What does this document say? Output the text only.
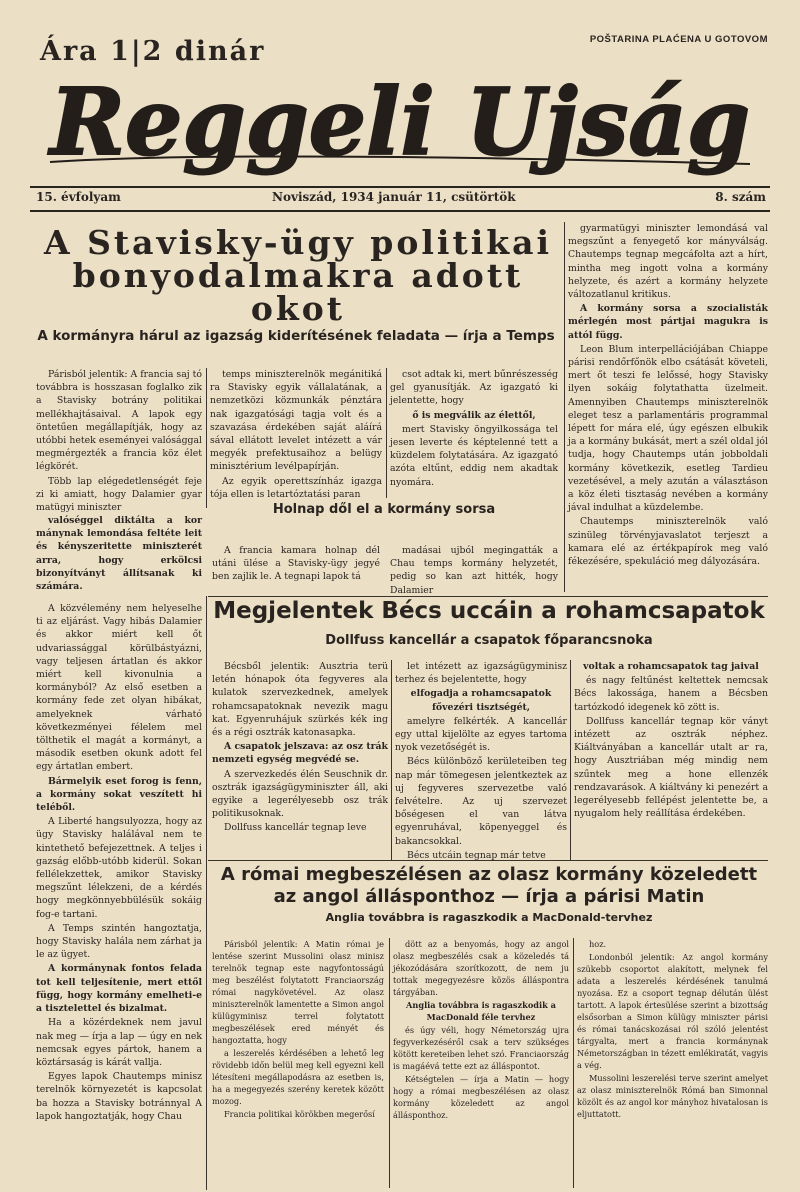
Ára 1|2 dinár	POŠTARINA PLAĆENA U GOTOVOM
Reggeli Ujság
15. évfolyam	Noviszád, 1934 január 11, csütörtök	8. szám
A Stavisky-ügy politikai bonyodalmakra adott okot
A kormányra hárul az igazság kiderítésének feladata — írja a Temps

Párisból jelentik: A francia saj tó továbbra is hosszasan foglalko zik a Stavisky botrány politikai mellékhajtásaival. A lapok egy öntetűen megállapítják, hogy az utóbbi hetek eseményei valósággal megmérgezték a francia köz élet légkörét.

Több lap elégedetlenségét feje zi ki amiatt, hogy Dalamier gyar matügyi miniszter

temps miniszterelnök megánitiká ra Stavisky egyik vállalatának, a nemzetközi közmunkák pénztára nak igazgatósági tagja volt és a szavazása érdekében saját aláírá sával ellátott levelet intézett a vár megyék prefektusaihoz a belügy minisztérium levélpapírján.

Az egyik operettszínház igazga tója ellen is letartóztatási paran

csot adtak ki, mert bűnrészesség gel gyanusítják. Az igazgató ki jelentette, hogy

ő is megválik az élettől,

mert Stavisky öngyilkossága tel jesen leverte és képtelenné tett a küzdelem folytatására. Az igazgató azóta eltűnt, eddig nem akadtak nyomára.

Holnap dől el a kormány sorsa

A francia kamara holnap dél utáni ülése a Stavisky-ügy jegyé ben zajlik le. A tegnapi lapok tá

madásai ujból megingatták a Chau temps kormány helyzetét, pedig so kan azt hitték, hogy Dalamier

valóséggel diktálta a kor mánynak lemondása feltéte leit és kényszeritette miniszterét arra, hogy erkölcsi bizonyítványt állítsanak ki számára.

gyarmatügyi miniszter lemondásá val megszűnt a fenyegető kor mányválság. Chautemps tegnap megcáfolta azt a hírt, mintha meg ingott volna a kormány helyzete, és azért a kormány helyzete változatlanul kritikus.

A kormány sorsa a szocialisták mérlegén most pártjai magukra is attól függ.

Leon Blum interpellációjában Chiappe párisi rendőrfőnök elbo csátását követeli, mert őt teszi fe lelőssé, hogy Stavisky ilyen sokáig folytathatta üzelmeit. Amennyiben Chautemps miniszterelnök eleget tesz a parlamentáris programmal lépett for mára elé, úgy egészen elbukik ja a kormány bukását, mert a szél oldal jól tudja, hogy Chautemps után jobboldali kormány következik, esetleg Tardieu vezetésével, a mely azután a választáson a köz életi tisztaság nevében a kormány jával indulhat a küzdelembe.

Chautemps miniszterelnök való szinüleg törvényjavaslatot terjeszt a kamara elé az értékpapírok meg való fékezésére, spekuláció meg dályozására.

A közvélemény nem helyeselhe ti az eljárást. Vagy hibás Dalamier és akkor miért kell őt udvariassággal körülbástyázni, vagy teljesen ártatlan és akkor miért kell kivonulnia a kormányból? Az első esetben a kormány fede zet olyan hibákat, amelyeknek várható következményei félelem mel tölthetik el magát a kormányt, a második esetben okunk adott fel egy ártatlan embert.

Bármelyik eset forog is fenn, a kormány sokat veszített hi teléből.

A Liberté hangsulyozza, hogy az ügy Stavisky halálával nem te kintethető befejezettnek. A teljes i gazság előbb-utóbb kiderül. Sokan fellélekzettek, amikor Stavisky megszűnt lélekzeni, de a kérdés hogy megkönnyebbülésük sokáig fog-e tartani.

A Temps szintén hangoztatja, hogy Stavisky halála nem zárhat ja le az ügyet.

A kormánynak fontos felada tot kell teljesítenie, mert ettől függ, hogy kormány emelheti-e a tisztelettel és bizalmat.

Ha a közérdeknek nem javul nak meg — írja a lap — úgy en nek nemcsak egyes pártok, hanem a köztársaság is kárát vallja.

Egyes lapok Chautemps minisz terelnök környezetét is kapcsolat ba hozza a Stavisky botránnyal A lapok hangoztatják, hogy Chau

Megjelentek Bécs uccáin a rohamcsapatok
Dollfuss kancellár a csapatok főparancsnoka

Bécsből jelentik: Ausztria terü letén hónapok óta fegyveres ala kulatok szervezkednek, amelyek rohamcsapatoknak nevezik magu kat. Egyenruhájuk szürkés kék ing és a régi osztrák katonasapka.

A csapatok jelszava: az osz trák nemzeti egység megvédé se.

A szervezkedés élén Seuschnik dr. osztrák igazságügyminiszter áll, aki egyike a legerélyesebb osz trák politikusoknak.

Dollfuss kancellár tegnap leve

let intézett az igazságügyminisz terhez és bejelentette, hogy

elfogadja a rohamcsapatok fővezéri tisztségét,

amelyre felkérték. A kancellár egy uttal kijelölte az egyes tartoma nyok vezetőségét is.

Bécs különböző kerületeiben teg nap már tömegesen jelentkeztek az uj fegyveres szervezetbe való felvételre. Az uj szervezet bőségesen el van látva egyenruhával, köpenyeggel és bakancsokkal.

Bécs utcáin tegnap már tetve

voltak a rohamcsapatok tag jaival

és nagy feltűnést keltettek nemcsak Bécs lakossága, hanem a Bécsben tartózkodó idegenek kö zött is.

Dollfuss kancellár tegnap kör ványt intézett az osztrák néphez. Kiáltványában a kancellár utalt ar ra, hogy Ausztriában még mindig nem szűntek meg a hone ellenzék rendzavarások. A kiáltvány ki penezért a legerélyesebb fellépést jelentette be, a nyugalom hely reállítása érdekében.

A római megbeszélésen az olasz kormány közeledett az angol állásponthoz — írja a párisi Matin
Anglia továbbra is ragaszkodik a MacDonald-tervhez

Párisból jelentik: A Matin római je lentése szerint Mussolini olasz minisz terelnök tegnap este nagyfontosságú meg beszélést folytatott Franciaország római nagykövetével. Az olasz miniszterelnök lamentette a Simon angol külügyminisz terrel folytatott megbeszélések ered ményét és hangoztatta, hogy

a leszerelés kérdésében a lehető leg rövidebb időn belül meg kell egyezni kell létesíteni megállapodásra az esetben is, ha a megegyezés szerény keretek között mozog.

Francia politikai körökben megerősí

dött az a benyomás, hogy az angol olasz megbeszélés csak a közeledés tá jékozódására szorítkozott, de nem ju tottak megegyezésre közös álláspontra tárgyában.

Anglia továbbra is ragaszkodik a MacDonald féle tervhez

és úgy véli, hogy Németország ujra fegyverkezéséről csak a terv szükséges kötött kereteiben lehet szó. Franciaország is magáévá tette ezt az álláspontot.

Kétségtelen — írja a Matin — hogy hogy a római megbeszélésen az olasz kormány közeledett az angol állásponthoz.

hoz.

Londonból jelentik: Az angol kormány szükebb csoportot alakított, melynek fel adata a leszerelés kérdésének tanulmá nyozása. Ez a csoport tegnap délután ülést tartott. A lapok értesülése szerint a bizottság elsősorban a Simon külügy miniszter párisi és római tanácskozásai ról szóló jelentést tárgyalta, mert a francia kormánynak Németországban in tézett emlékiratát, vagyis a vég.

Mussolini leszerelési terve szerint amelyet az olasz miniszterelnök Rómá ban Simonnal közölt és az angol kor mányhoz hivatalosan is eljuttatott.
